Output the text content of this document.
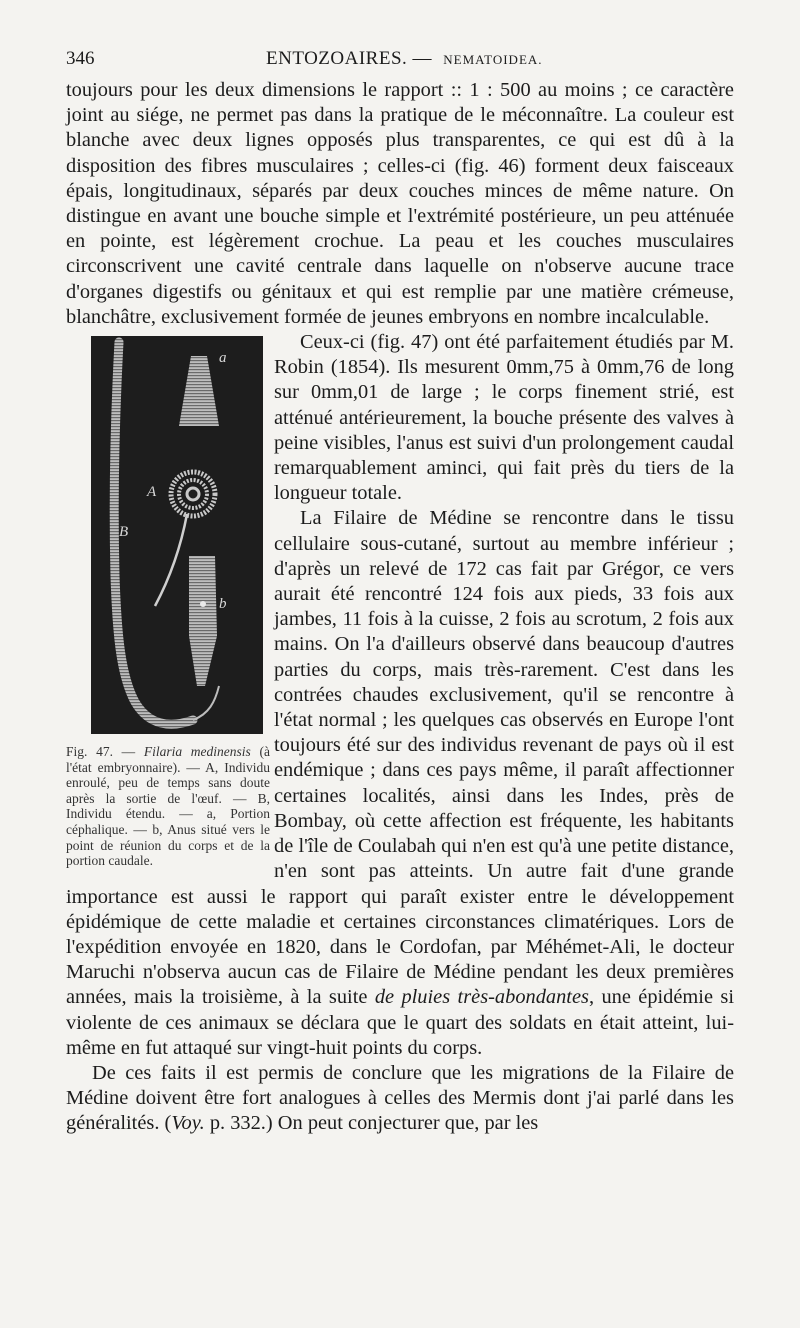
346	ENTOZOAIRES. — NEMATOIDEA.

toujours pour les deux dimensions le rapport :: 1 : 500 au moins ; ce caractère joint au siége, ne permet pas dans la pratique de le méconnaître. La couleur est blanche avec deux lignes opposés plus transparentes, ce qui est dû à la disposition des fibres musculaires ; celles-ci (fig. 46) forment deux faisceaux épais, longitudinaux, séparés par deux couches minces de même nature. On distingue en avant une bouche simple et l'extrémité postérieure, un peu atténuée en pointe, est légèrement crochue. La peau et les couches musculaires circonscrivent une cavité centrale dans laquelle on n'observe aucune trace d'organes digestifs ou génitaux et qui est remplie par une matière crémeuse, blanchâtre, exclusivement formée de jeunes embryons en nombre incalculable.

a
A
B
b
Fig. 47. — Filaria medinensis (à l'état embryonnaire). — A, Individu enroulé, peu de temps sans doute après la sortie de l'œuf. — B, Individu étendu. — a, Portion céphalique. — b, Anus situé vers le point de réunion du corps et de la portion caudale.

Ceux-ci (fig. 47) ont été parfaitement étudiés par M. Robin (1854). Ils mesurent 0mm,75 à 0mm,76 de long sur 0mm,01 de large ; le corps finement strié, est atténué antérieurement, la bouche présente des valves à peine visibles, l'anus est suivi d'un prolongement caudal remarquablement aminci, qui fait près du tiers de la longueur totale.

La Filaire de Médine se rencontre dans le tissu cellulaire sous-cutané, surtout au membre inférieur ; d'après un relevé de 172 cas fait par Grégor, ce vers aurait été rencontré 124 fois aux pieds, 33 fois aux jambes, 11 fois à la cuisse, 2 fois au scrotum, 2 fois aux mains. On l'a d'ailleurs observé dans beaucoup d'autres parties du corps, mais très-rarement. C'est dans les contrées chaudes exclusivement, qu'il se rencontre à l'état normal ; les quelques cas observés en Europe l'ont toujours été sur des individus revenant de pays où il est endémique ; dans ces pays même, il paraît affectionner certaines localités, ainsi dans les Indes, près de Bombay, où cette affection est fréquente, les habitants de l'île de Coulabah qui n'en est qu'à une petite distance, n'en sont pas atteints. Un autre fait d'une grande importance est aussi le rapport qui paraît exister entre le développement épidémique de cette maladie et certaines circonstances climatériques. Lors de l'expédition envoyée en 1820, dans le Cordofan, par Méhémet-Ali, le docteur Maruchi n'observa aucun cas de Filaire de Médine pendant les deux premières années, mais la troisième, à la suite de pluies très-abondantes, une épidémie si violente de ces animaux se déclara que le quart des soldats en était atteint, lui-même en fut attaqué sur vingt-huit points du corps.

De ces faits il est permis de conclure que les migrations de la Filaire de Médine doivent être fort analogues à celles des Mermis dont j'ai parlé dans les généralités. (Voy. p. 332.) On peut conjecturer que, par les
